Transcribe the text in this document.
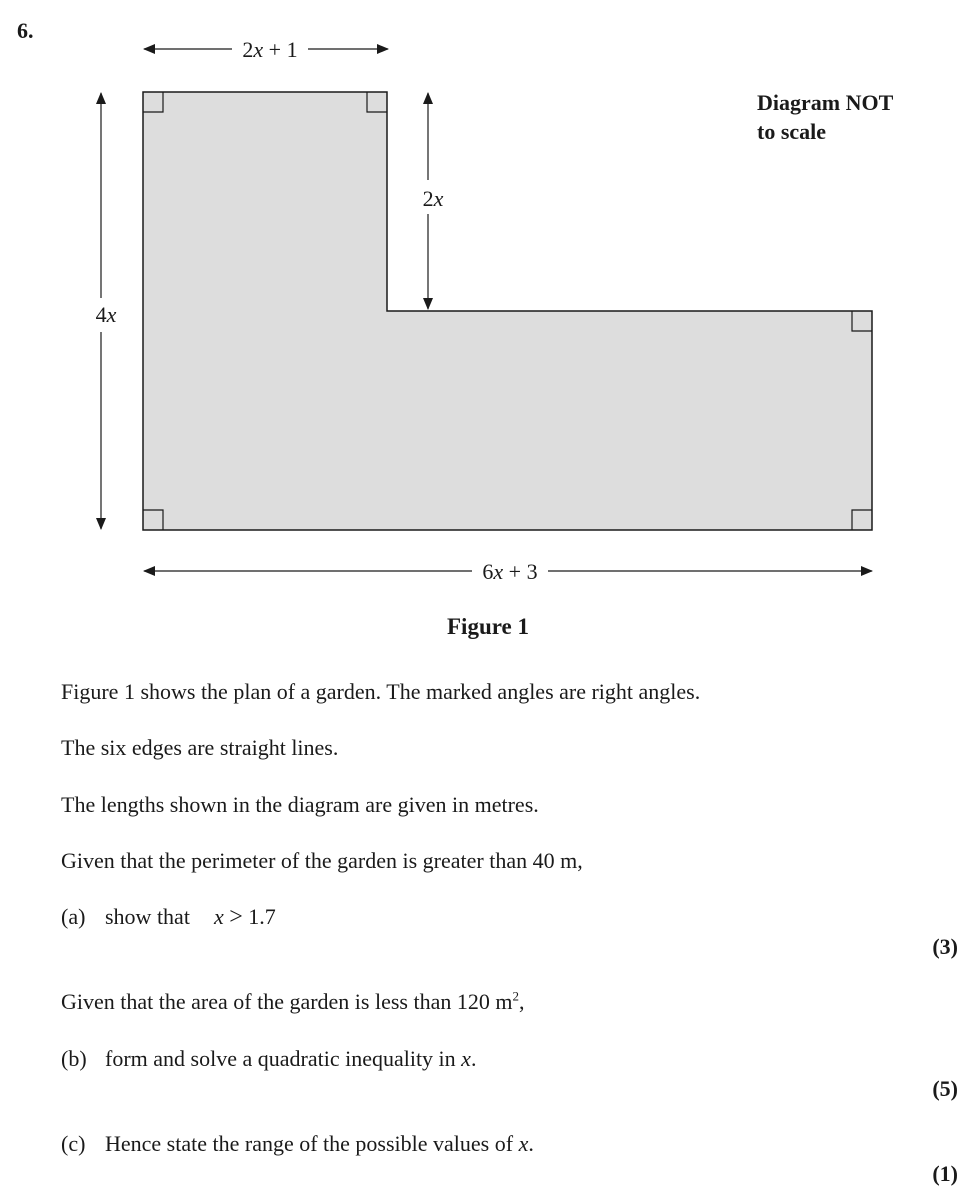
6.
2x + 1
4x
2x
6x + 3
Diagram NOT
to scale
Figure 1
Figure 1 shows the plan of a garden. The marked angles are right angles.
The six edges are straight lines.
The lengths shown in the diagram are given in metres.
Given that the perimeter of the garden is greater than 40 m,
(a) show that x > 1.7
(3)
Given that the area of the garden is less than 120 $m^2$,
(b) form and solve a quadratic inequality in x.
(5)
(c) Hence state the range of the possible values of x.
(1)
